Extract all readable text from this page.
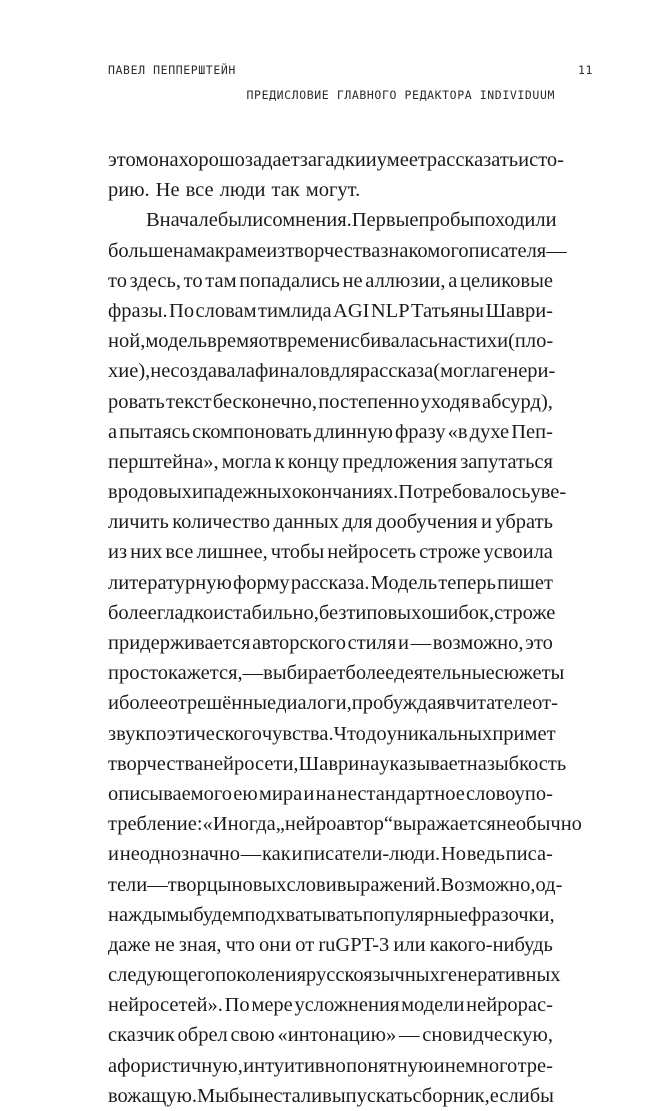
ПАВЕЛ ПЕППЕРШТЕЙН	11
ПРЕДИСЛОВИЕ ГЛАВНОГО РЕДАКТОРА INDIVIDUUM
этом она хорошо задает загадки и умеет рассказать исто-
рию. Не все люди так могут.
Вначале были сомнения. Первые пробы походили
больше на макраме из творчества знакомого писателя —
то здесь, то там попадались не аллюзии, а целиковые
фразы. По словам тимлида AGI NLP Татьяны Шаври-
ной, модель время от времени сбивалась на стихи (пло-
хие), не создавала финалов для рассказа (могла генери-
ровать текст бесконечно, постепенно уходя в абсурд),
а пытаясь скомпоновать длинную фразу «в духе Пеп-
перштейна», могла к концу предложения запутаться
в родовых и падежных окончаниях. Потребовалось уве-
личить количество данных для дообучения и убрать
из них все лишнее, чтобы нейросеть строже усвоила
литературную форму рассказа. Модель теперь пишет
более гладко и стабильно, без типовых ошибок, строже
придерживается авторского стиля и — возможно, это
просто кажется, — выбирает более деятельные сюжеты
и более отрешённые диалоги, пробуждая в читателе от-
звук поэтического чувства. Что до уникальных примет
творчества нейросети, Шаврина указывает на зыбкость
описываемого ею мира и на нестандартное словоупо-
требление: «Иногда „нейроавтор“ выражается необычно
и неоднозначно — как и писатели-люди. Но ведь писа-
тели — творцы новых слов и выражений. Возможно, од-
нажды мы будем подхватывать популярные фразочки,
даже не зная, что они от ruGPT-3 или какого-нибудь
следующего поколения русскоязычных генеративных
нейросетей». По мере усложнения модели нейрорас-
сказчик обрел свою «интонацию» — сновидческую,
афористичную, интуитивно понятную и немного тре-
вожащую. Мы бы не стали выпускать сборник, если бы
